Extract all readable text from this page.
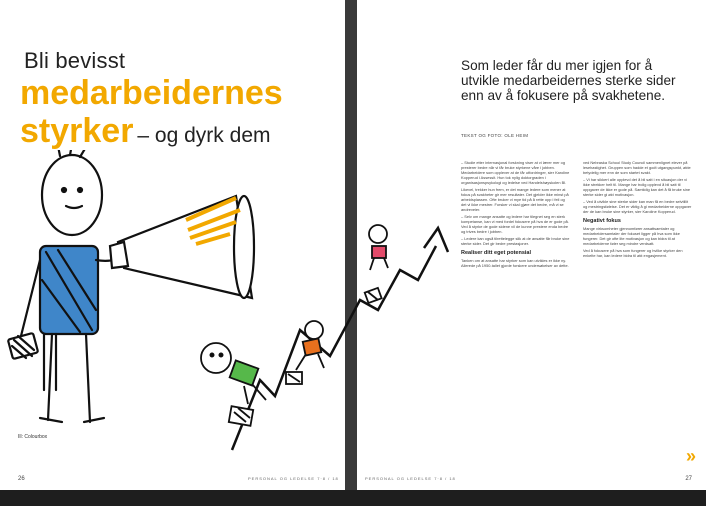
Bli bevisst
medarbeidernes
styrker – og dyrk dem
Ill: Colourbox
26	PERSONAL OG LEDELSE 7·8 / 18
Som leder får du mer igjen for å utvikle medarbeidernes sterke sider enn av å fokusere på svakhetene.
TEKST OG FOTO: OLE HEIM

– Studie etter internasjonal forskning viser at vi lærer mer og presterer bedre når vi får bruke styrkene våre i jobben. Medarbeidere som opplever at de får utfordringer, sier Karoline Kopperud i Assessit. Hun tok nylig doktorgraden i organisasjonspsykologi og ledelse ved Handelshøyskolen BI.

Likevel, trekker hun frem, er det mange ledere som mener at fokus på svakheter gir mer resultater. Det gjelder ikke minst på arbeidsplassen. Ofte bruker vi mye tid på å rette opp i feil og det vi ikke mestrer. Forsker vi skal gjøre det bedre, må vi se andreveier.

– Selv om mange ansatte og ledere har tilegnet seg en sterk kompetanse, kan vi med fordel fokusere på hva de er gode på. Ved å styrke de gode sidene vil de kunne prestere enda bedre og trives bedre i jobben.

– Ledere kan også tilrettelegge slik at de ansatte får bruke sine sterke sider. Det gir bedre prestasjoner.

Realiser ditt eget potensial

Tanken om at ansatte har styrker som kan utvikles er ikke ny. Allerede på 1950-tallet gjorde forskere undersøkelser av dette.

ved Nebraska School Study Council sammenlignet elever på lesehastighet. Gruppen som hadde et godt utgangspunkt, økte betydelig mer enn de som startet svakt.

– Vi har sikkert alle opplevd det å bli satt i en situasjon der vi ikke strekker helt til. Mange har trolig opplevd å bli satt til oppgaver de ikke er gode på. Samtidig kan det å få bruke sine sterke sider gi økt motivasjon.

– Ved å utvikle sine sterke sider kan man få en bedre selvtillit og mestringsfølelse. Det er viktig å gi medarbeiderne oppgaver der de kan bruke sine styrker, sier Karoline Kopperud.

Negativt fokus

Mange virksomheter gjennomfører ansattsamtaler og medarbeidersamtaler der fokuset ligger på hva som ikke fungerer. Det gir ofte lite motivasjon og kan bidra til at medarbeiderne føler seg mindre verdsatt.

Ved å fokusere på hva som fungerer og hvilke styrker den enkelte har, kan ledere bidra til økt engasjement.

»
PERSONAL OG LEDELSE 7·8 / 18	27
